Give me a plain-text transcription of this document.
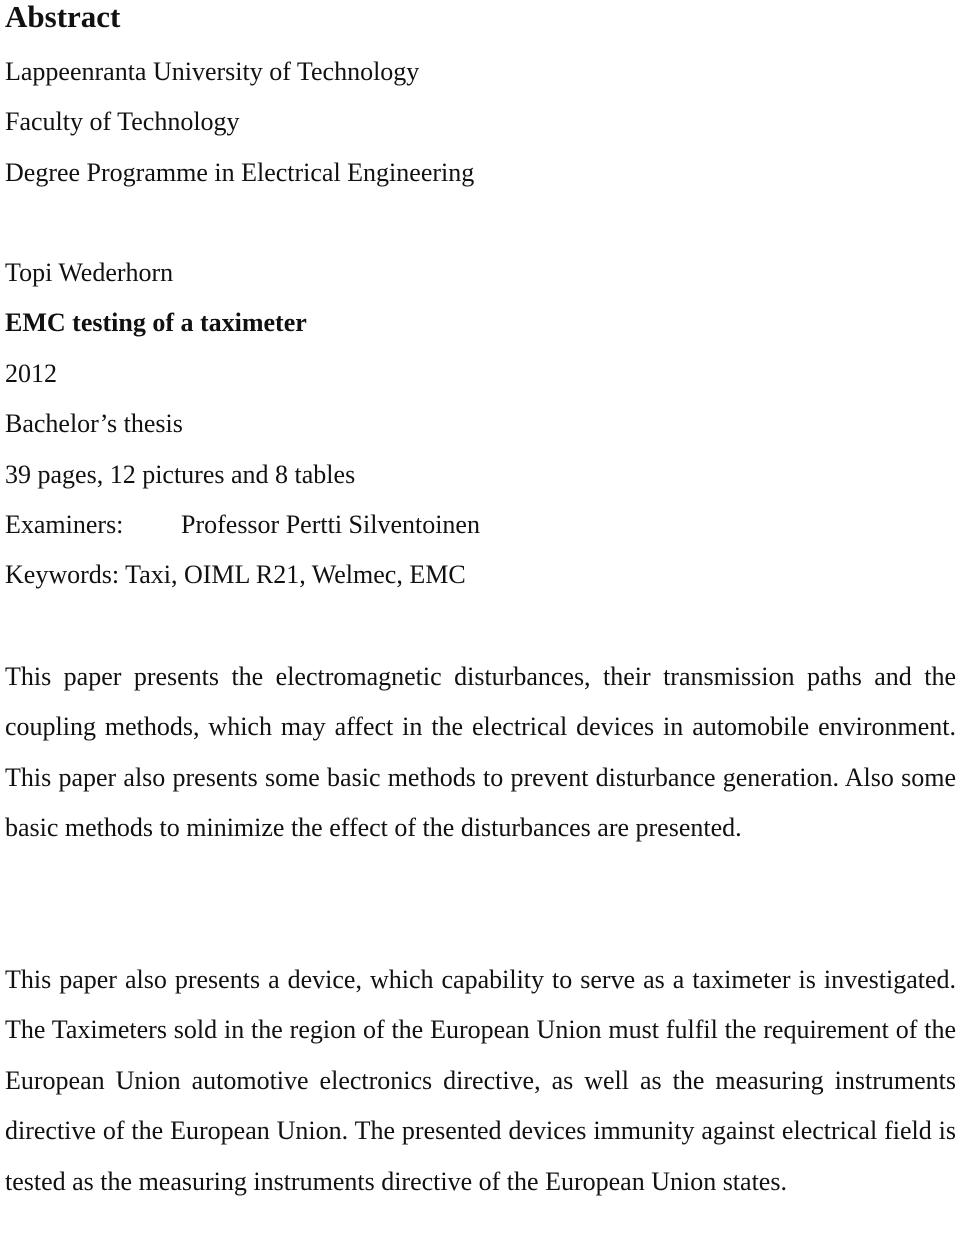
Abstract

Lappeenranta University of Technology

Faculty of Technology

Degree Programme in Electrical Engineering

Topi Wederhorn

EMC testing of a taximeter

2012

Bachelor’s thesis

39 pages, 12 pictures and 8 tables

Examiners: Professor Pertti Silventoinen

Keywords: Taxi, OIML R21, Welmec, EMC

This paper presents the electromagnetic disturbances, their transmission paths and the coupling methods, which may affect in the electrical devices in automobile environment. This paper also presents some basic methods to prevent disturbance generation. Also some basic methods to minimize the effect of the disturbances are presented.

This paper also presents a device, which capability to serve as a taximeter is investigated. The Taximeters sold in the region of the European Union must fulfil the requirement of the European Union automotive electronics directive, as well as the measuring instruments directive of the European Union. The presented devices immunity against electrical field is tested as the measuring instruments directive of the European Union states.
